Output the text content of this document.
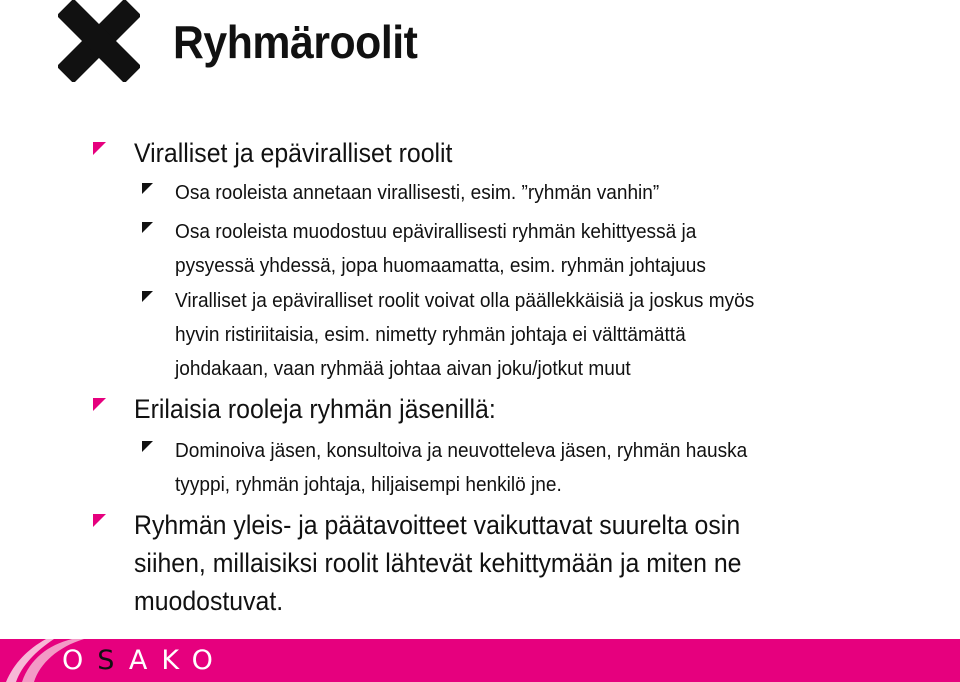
Ryhmäroolit
Viralliset ja epäviralliset roolit
Osa rooleista annetaan virallisesti, esim. ”ryhmän vanhin”
Osa rooleista muodostuu epävirallisesti ryhmän kehittyessä ja
pysyessä yhdessä, jopa huomaamatta, esim. ryhmän johtajuus
Viralliset ja epäviralliset roolit voivat olla päällekkäisiä ja joskus myös
hyvin ristiriitaisia, esim. nimetty ryhmän johtaja ei välttämättä
johdakaan, vaan ryhmää johtaa aivan joku/jotkut muut
Erilaisia rooleja ryhmän jäsenillä:
Dominoiva jäsen, konsultoiva ja neuvotteleva jäsen, ryhmän hauska
tyyppi, ryhmän johtaja, hiljaisempi henkilö jne.
Ryhmän yleis- ja päätavoitteet vaikuttavat suurelta osin
siihen, millaisiksi roolit lähtevät kehittymään ja miten ne
muodostuvat.
OSAKO
